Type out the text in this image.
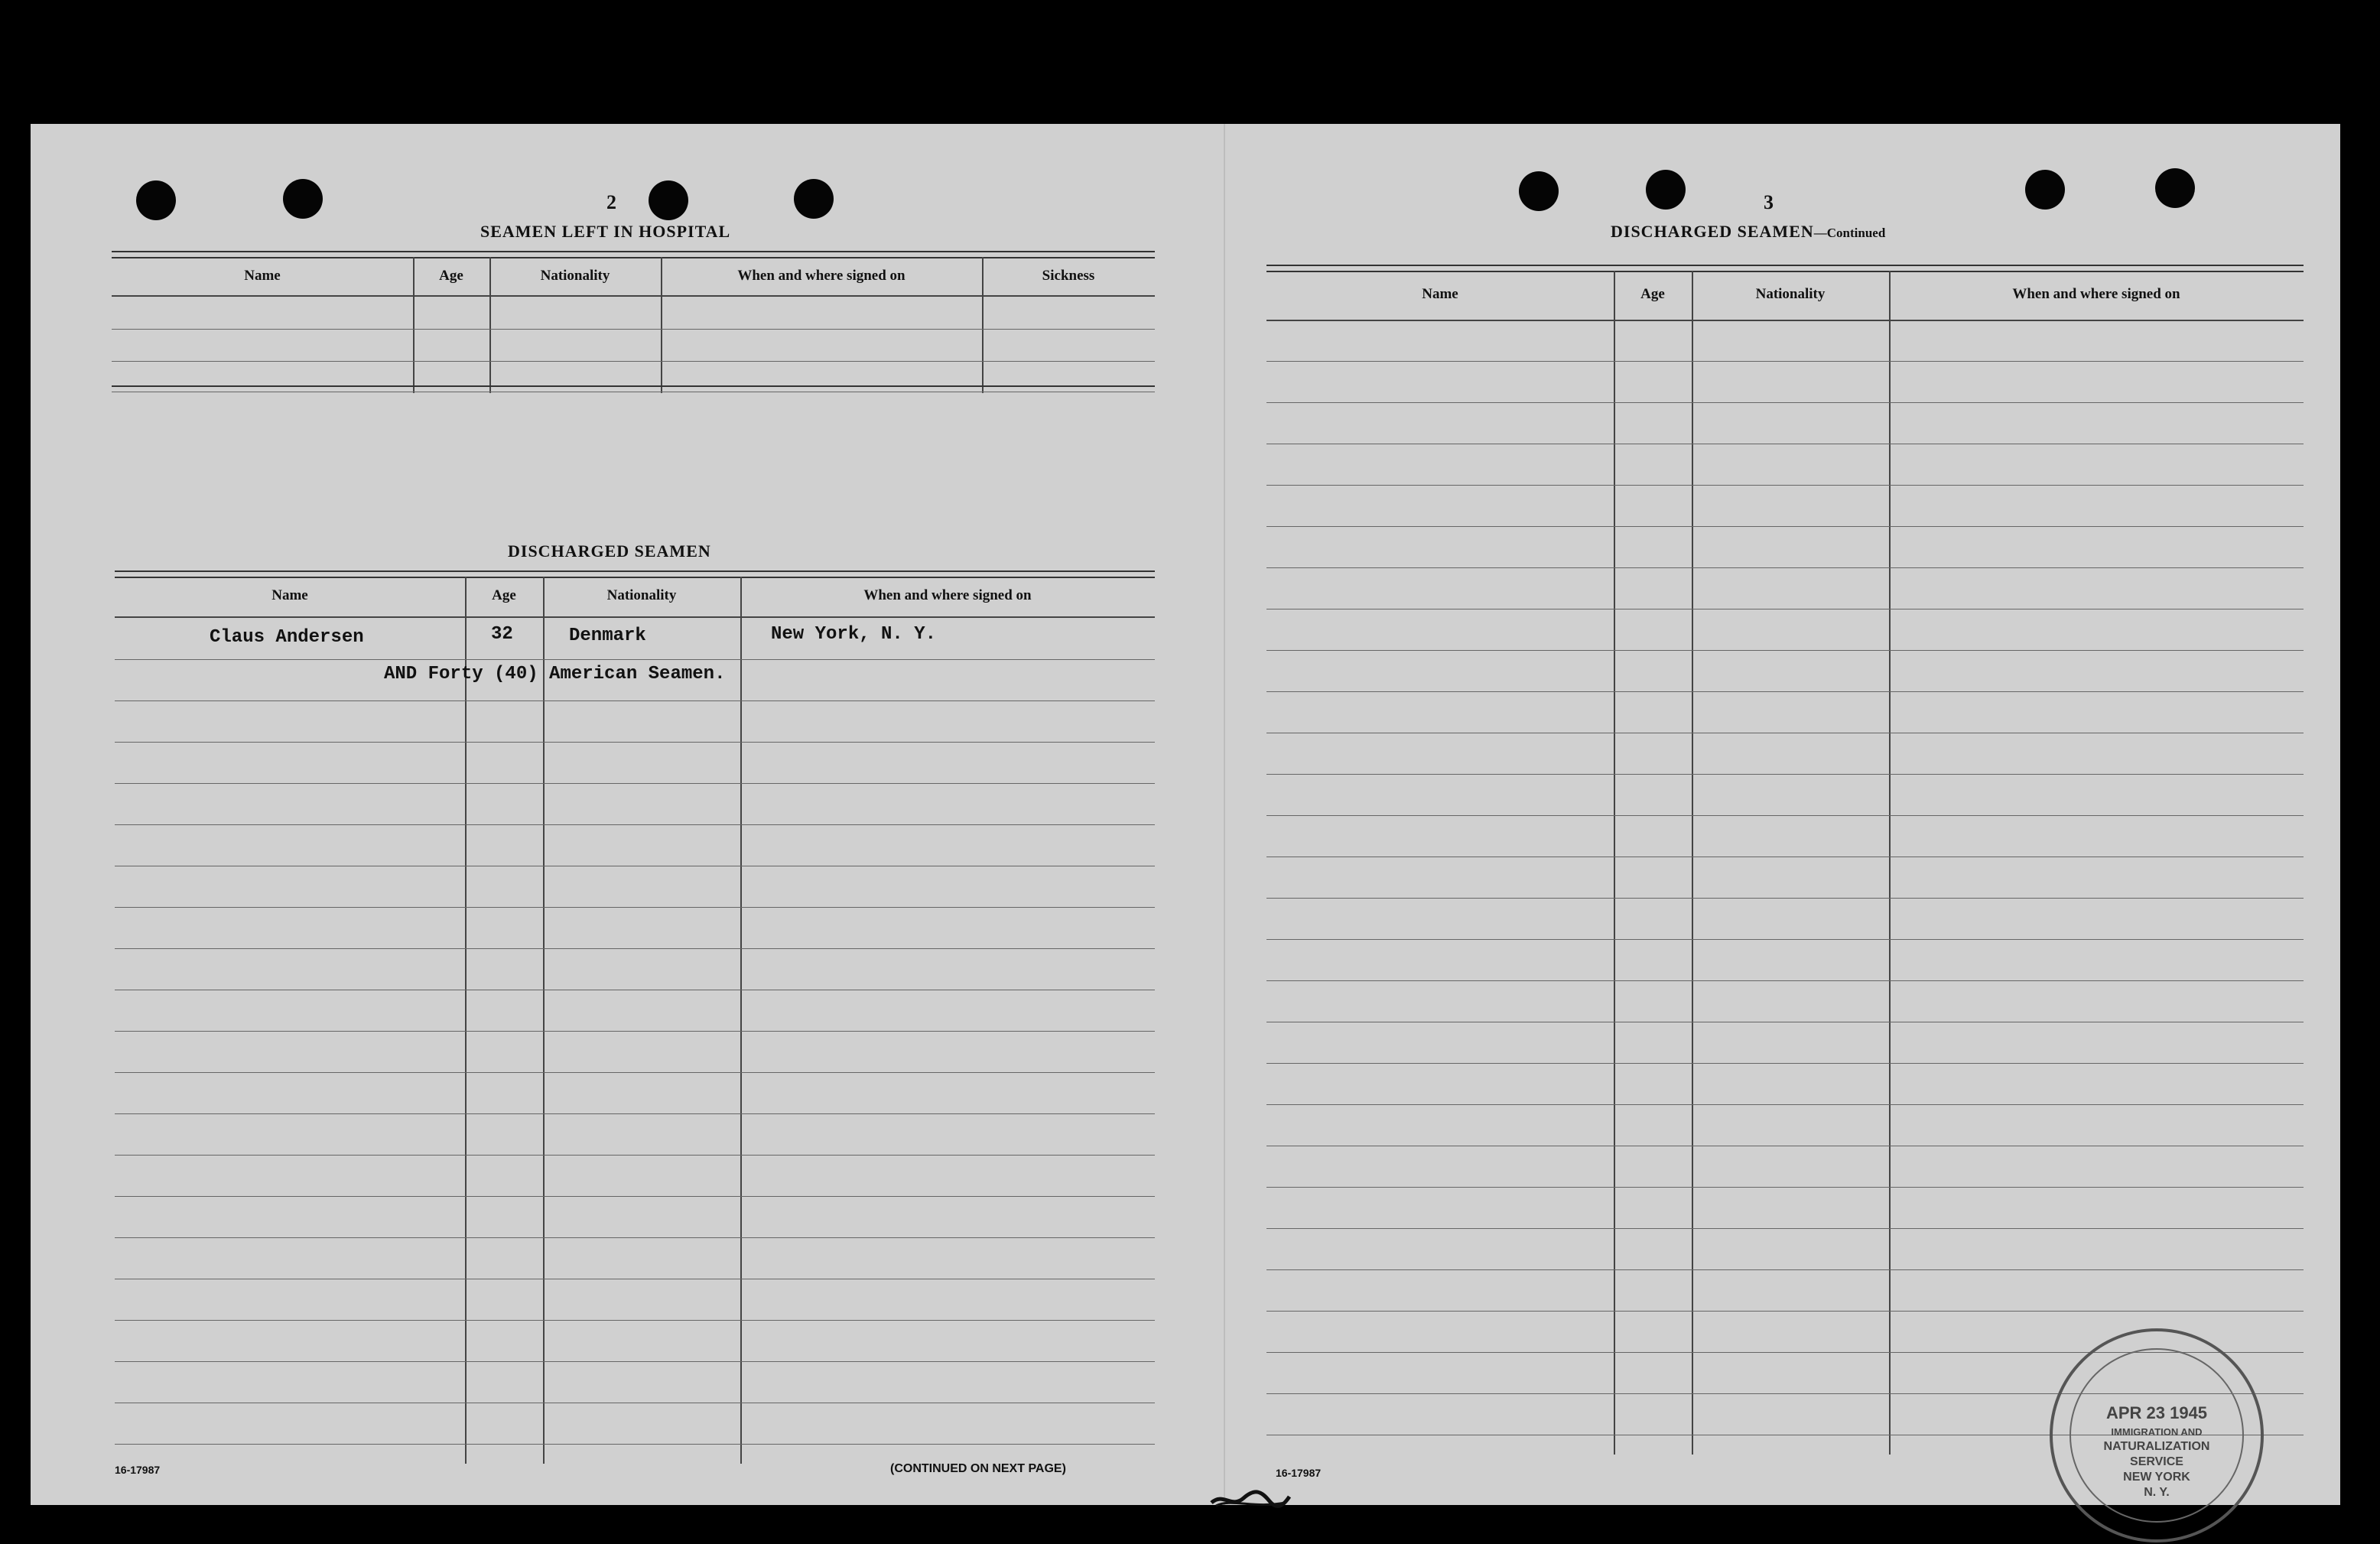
2
SEAMEN LEFT IN HOSPITAL
Name	Age	Nationality	When and where signed on	Sickness
DISCHARGED SEAMEN
Name	Age	Nationality	When and where signed on
Claus Andersen	32	Denmark	New York, N. Y.
AND Forty (40) American Seamen.
16-17987	(CONTINUED ON NEXT PAGE)
3
DISCHARGED SEAMEN—Continued
Name	Age	Nationality	When and where signed on
16-17987
APR 23 1945
IMMIGRATION AND
NATURALIZATION
SERVICE
NEW YORK
N. Y.
